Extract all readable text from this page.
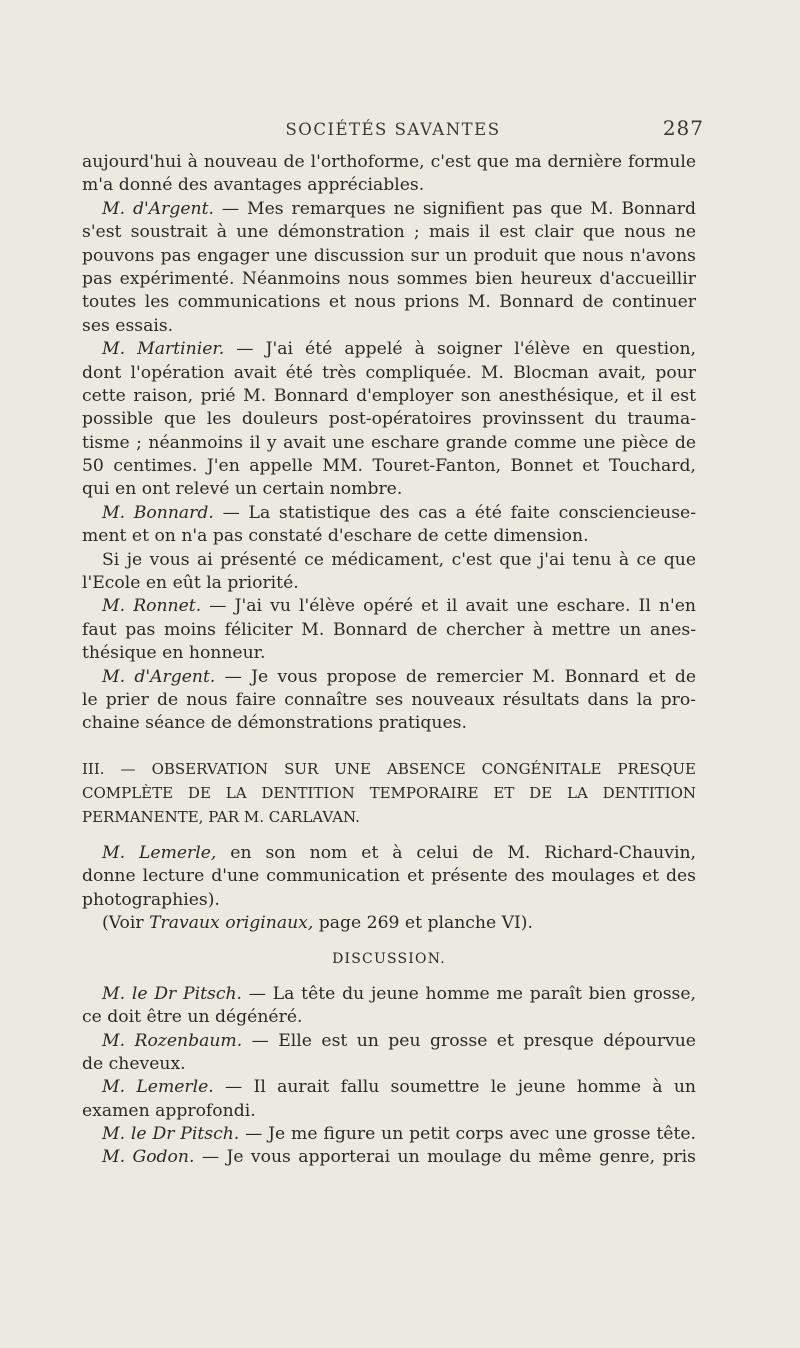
SOCIÉTÉS SAVANTES	287
aujourd'hui à nouveau de l'orthoforme, c'est que ma dernière formule
m'a donné des avantages appréciables.
M. d'Argent. — Mes remarques ne signifient pas que M. Bonnard
s'est soustrait à une démonstration ; mais il est clair que nous ne
pouvons pas engager une discussion sur un produit que nous n'avons
pas expérimenté. Néanmoins nous sommes bien heureux d'accueillir
toutes les communications et nous prions M. Bonnard de continuer
ses essais.
M. Martinier. — J'ai été appelé à soigner l'élève en question,
dont l'opération avait été très compliquée. M. Blocman avait, pour
cette raison, prié M. Bonnard d'employer son anesthésique, et il est
possible que les douleurs post-opératoires provinssent du trauma-
tisme ; néanmoins il y avait une eschare grande comme une pièce de
50 centimes. J'en appelle MM. Touret-Fanton, Bonnet et Touchard,
qui en ont relevé un certain nombre.
M. Bonnard. — La statistique des cas a été faite consciencieuse-
ment et on n'a pas constaté d'eschare de cette dimension.
Si je vous ai présenté ce médicament, c'est que j'ai tenu à ce que
l'Ecole en eût la priorité.
M. Ronnet. — J'ai vu l'élève opéré et il avait une eschare. Il n'en
faut pas moins féliciter M. Bonnard de chercher à mettre un anes-
thésique en honneur.
M. d'Argent. — Je vous propose de remercier M. Bonnard et de
le prier de nous faire connaître ses nouveaux résultats dans la pro-
chaine séance de démonstrations pratiques.
III. — OBSERVATION SUR UNE ABSENCE CONGÉNITALE PRESQUE
COMPLÈTE DE LA DENTITION TEMPORAIRE ET DE LA DENTITION
PERMANENTE, PAR M. CARLAVAN.
M. Lemerle, en son nom et à celui de M. Richard-Chauvin,
donne lecture d'une communication et présente des moulages et des
photographies).
(Voir Travaux originaux, page 269 et planche VI).
DISCUSSION.
M. le Dr Pitsch. — La tête du jeune homme me paraît bien grosse,
ce doit être un dégénéré.
M. Rozenbaum. — Elle est un peu grosse et presque dépourvue
de cheveux.
M. Lemerle. — Il aurait fallu soumettre le jeune homme à un
examen approfondi.
M. le Dr Pitsch. — Je me figure un petit corps avec une grosse tête.
M. Godon. — Je vous apporterai un moulage du même genre, pris
